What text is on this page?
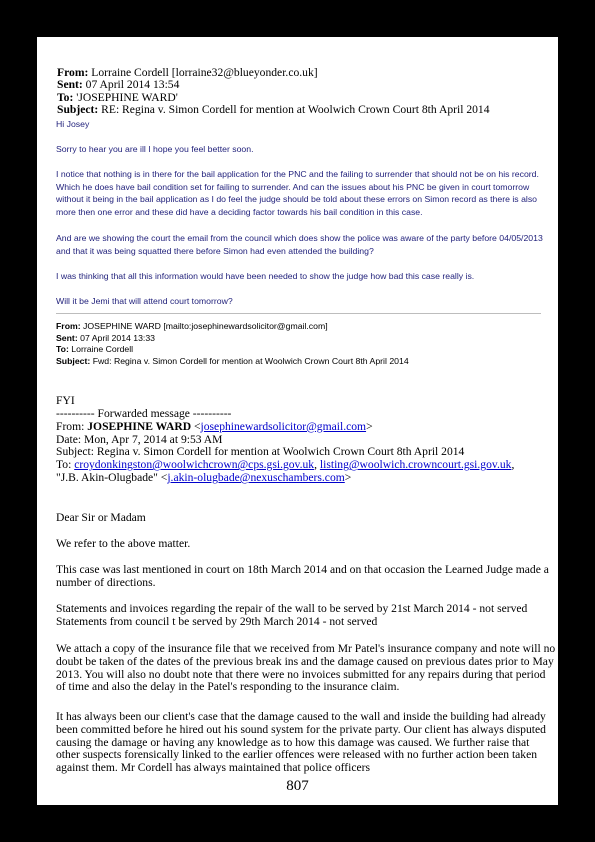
From: Lorraine Cordell [lorraine32@blueyonder.co.uk]
Sent: 07 April 2014 13:54
To: 'JOSEPHINE WARD'
Subject: RE: Regina v. Simon Cordell for mention at Woolwich Crown Court 8th April 2014
Hi Josey
Sorry to hear you are ill I hope you feel better soon.
I notice that nothing is in there for the bail application for the PNC and the failing to surrender that should not be on his record. Which he does have bail condition set for failing to surrender. And can the issues about his PNC be given in court tomorrow without it being in the bail application as I do feel the judge should be told about these errors on Simon record as there is also more then one error and these did have a deciding factor towards his bail condition in this case.
And are we showing the court the email from the council which does show the police was aware of the party before 04/05/2013 and that it was being squatted there before Simon had even attended the building?
I was thinking that all this information would have been needed to show the judge how bad this case really is.
Will it be Jemi that will attend court tomorrow?
From: JOSEPHINE WARD [mailto:josephinewardsolicitor@gmail.com]
Sent: 07 April 2014 13:33
To: Lorraine Cordell
Subject: Fwd: Regina v. Simon Cordell for mention at Woolwich Crown Court 8th April 2014
FYI
---------- Forwarded message ----------
From: JOSEPHINE WARD <josephinewardsolicitor@gmail.com>
Date: Mon, Apr 7, 2014 at 9:53 AM
Subject: Regina v. Simon Cordell for mention at Woolwich Crown Court 8th April 2014
To: croydonkingston@woolwichcrown@cps.gsi.gov.uk, listing@woolwich.crowncourt.gsi.gov.uk,
"J.B. Akin-Olugbade" <j.akin-olugbade@nexuschambers.com>
Dear Sir or Madam
We refer to the above matter.
This case was last mentioned in court on 18th March 2014 and on that occasion the Learned Judge made a number of directions.
Statements and invoices regarding the repair of the wall to be served by 21st March 2014 - not served
Statements from council t be served by 29th March 2014 - not served
We attach a copy of the insurance file that we received from Mr Patel's insurance company and note will no doubt be taken of the dates of the previous break ins and the damage caused on previous dates prior to May 2013. You will also no doubt note that there were no invoices submitted for any repairs during that period of time and also the delay in the Patel's responding to the insurance claim.
It has always been our client's case that the damage caused to the wall and inside the building had already been committed before he hired out his sound system for the private party. Our client has always disputed causing the damage or having any knowledge as to how this damage was caused. We further raise that other suspects forensically linked to the earlier offences were released with no further action been taken against them. Mr Cordell has always maintained that police officers
807
